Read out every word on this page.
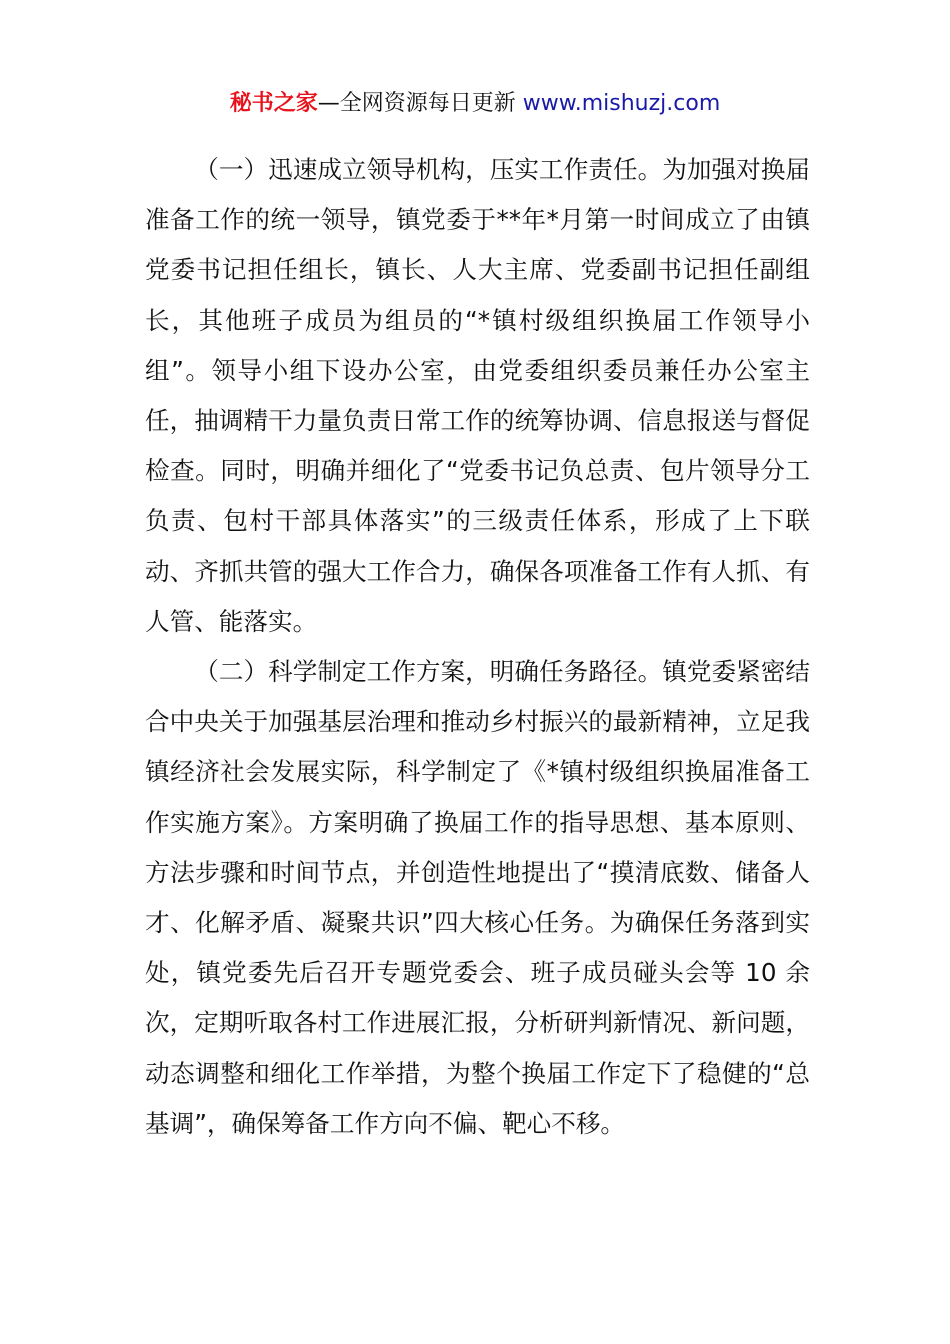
秘书之家—全网资源每日更新 www.mishuzj.com

（一）迅速成立领导机构，压实工作责任。为加强对换届准备工作的统一领导，镇党委于**年*月第一时间成立了由镇党委书记担任组长，镇长、人大主席、党委副书记担任副组长，其他班子成员为组员的“*镇村级组织换届工作领导小组”。领导小组下设办公室，由党委组织委员兼任办公室主任，抽调精干力量负责日常工作的统筹协调、信息报送与督促检查。同时，明确并细化了“党委书记负总责、包片领导分工负责、包村干部具体落实”的三级责任体系，形成了上下联动、齐抓共管的强大工作合力，确保各项准备工作有人抓、有人管、能落实。

（二）科学制定工作方案，明确任务路径。镇党委紧密结合中央关于加强基层治理和推动乡村振兴的最新精神，立足我镇经济社会发展实际，科学制定了《*镇村级组织换届准备工作实施方案》。方案明确了换届工作的指导思想、基本原则、方法步骤和时间节点，并创造性地提出了“摸清底数、储备人才、化解矛盾、凝聚共识”四大核心任务。为确保任务落到实处，镇党委先后召开专题党委会、班子成员碰头会等 10 余次，定期听取各村工作进展汇报，分析研判新情况、新问题，动态调整和细化工作举措，为整个换届工作定下了稳健的“总基调”，确保筹备工作方向不偏、靶心不移。
